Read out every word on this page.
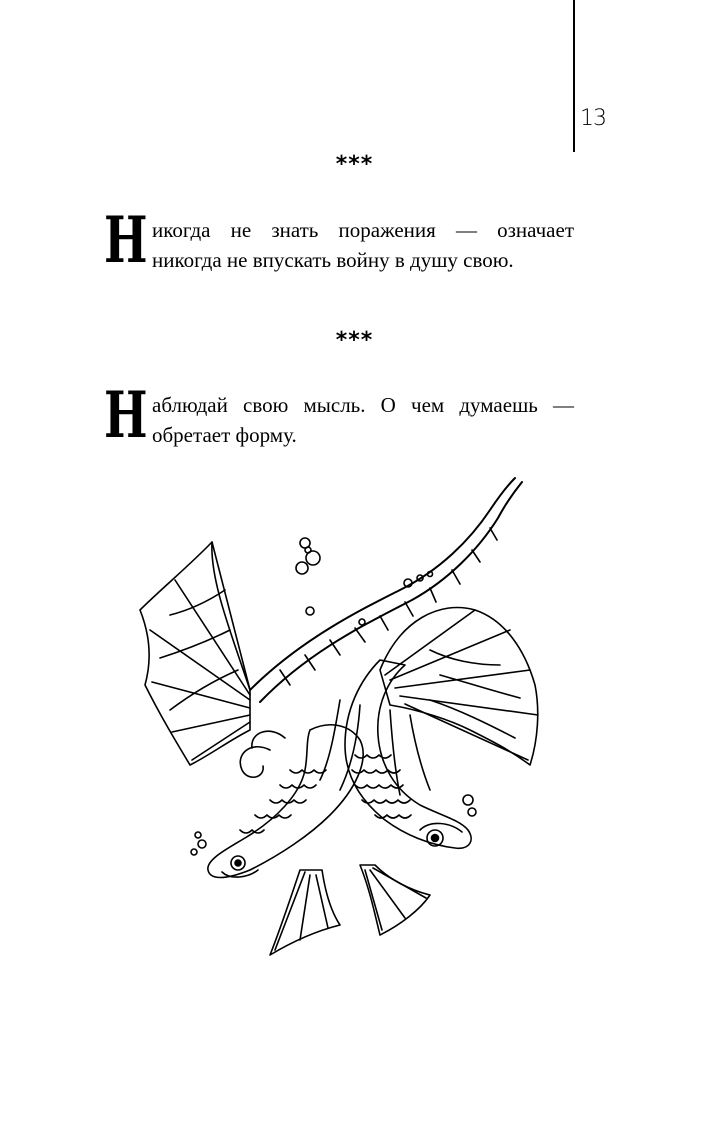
13
***
Н икогда не знать поражения — означает
никогда не впускать войну в душу свою.
***
Н аблюдай свою мысль. О чем думаешь —
обретает форму.
